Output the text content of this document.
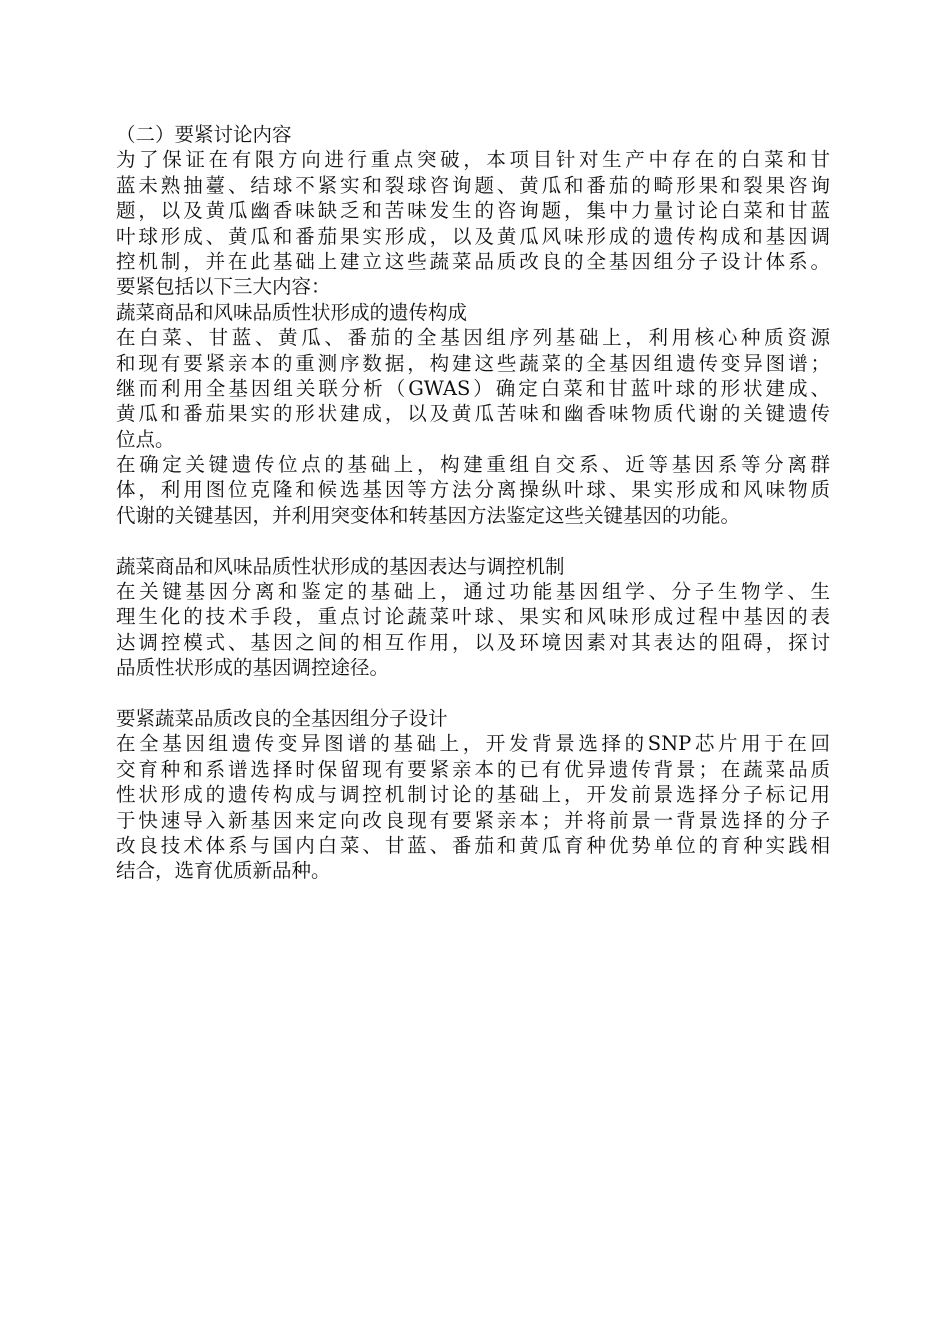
（二）要紧讨论内容
为了保证在有限方向进行重点突破，本项目针对生产中存在的白菜和甘
蓝未熟抽薹、结球不紧实和裂球咨询题、黄瓜和番茄的畸形果和裂果咨询
题，以及黄瓜幽香味缺乏和苦味发生的咨询题，集中力量讨论白菜和甘蓝
叶球形成、黄瓜和番茄果实形成，以及黄瓜风味形成的遗传构成和基因调
控机制，并在此基础上建立这些蔬菜品质改良的全基因组分子设计体系。
要紧包括以下三大内容：
蔬菜商品和风味品质性状形成的遗传构成
在白菜、甘蓝、黄瓜、番茄的全基因组序列基础上，利用核心种质资源
和现有要紧亲本的重测序数据，构建这些蔬菜的全基因组遗传变异图谱；
继而利用全基因组关联分析（GWAS）确定白菜和甘蓝叶球的形状建成、
黄瓜和番茄果实的形状建成，以及黄瓜苦味和幽香味物质代谢的关键遗传
位点。
在确定关键遗传位点的基础上，构建重组自交系、近等基因系等分离群
体，利用图位克隆和候选基因等方法分离操纵叶球、果实形成和风味物质
代谢的关键基因，并利用突变体和转基因方法鉴定这些关键基因的功能。
蔬菜商品和风味品质性状形成的基因表达与调控机制
在关键基因分离和鉴定的基础上，通过功能基因组学、分子生物学、生
理生化的技术手段，重点讨论蔬菜叶球、果实和风味形成过程中基因的表
达调控模式、基因之间的相互作用，以及环境因素对其表达的阻碍，探讨
品质性状形成的基因调控途径。
要紧蔬菜品质改良的全基因组分子设计
在全基因组遗传变异图谱的基础上，开发背景选择的SNP芯片用于在回
交育种和系谱选择时保留现有要紧亲本的已有优异遗传背景；在蔬菜品质
性状形成的遗传构成与调控机制讨论的基础上，开发前景选择分子标记用
于快速导入新基因来定向改良现有要紧亲本；并将前景一背景选择的分子
改良技术体系与国内白菜、甘蓝、番茄和黄瓜育种优势单位的育种实践相
结合，选育优质新品种。
